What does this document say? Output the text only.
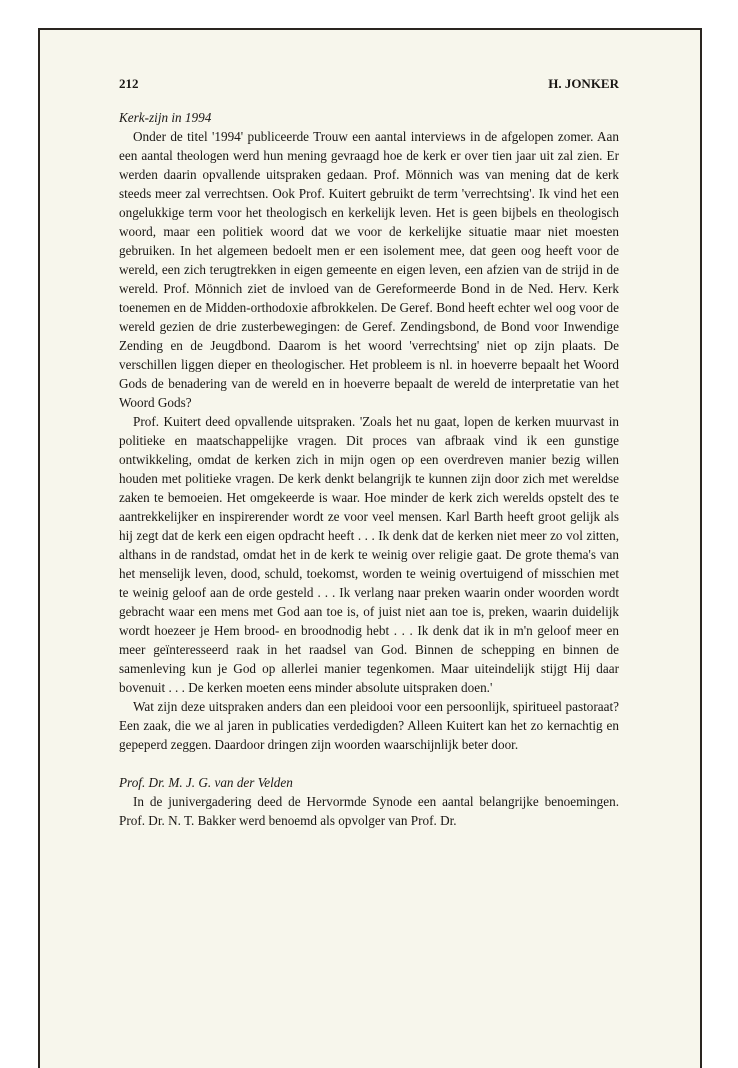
212	H. JONKER

Kerk-zijn in 1994

Onder de titel '1994' publiceerde Trouw een aantal interviews in de afgelopen zomer. Aan een aantal theologen werd hun mening gevraagd hoe de kerk er over tien jaar uit zal zien. Er werden daarin opvallende uitspraken gedaan. Prof. Mönnich was van mening dat de kerk steeds meer zal verrechtsen. Ook Prof. Kuitert gebruikt de term 'verrechtsing'. Ik vind het een ongelukkige term voor het theologisch en kerkelijk leven. Het is geen bijbels en theologisch woord, maar een politiek woord dat we voor de kerkelijke situatie maar niet moesten gebruiken. In het algemeen bedoelt men er een isolement mee, dat geen oog heeft voor de wereld, een zich terugtrekken in eigen gemeente en eigen leven, een afzien van de strijd in de wereld. Prof. Mönnich ziet de invloed van de Gereformeerde Bond in de Ned. Herv. Kerk toenemen en de Midden-orthodoxie afbrokkelen. De Geref. Bond heeft echter wel oog voor de wereld gezien de drie zusterbewegingen: de Geref. Zendingsbond, de Bond voor Inwendige Zending en de Jeugdbond. Daarom is het woord 'verrechtsing' niet op zijn plaats. De verschillen liggen dieper en theologischer. Het probleem is nl. in hoeverre bepaalt het Woord Gods de benadering van de wereld en in hoeverre bepaalt de wereld de interpretatie van het Woord Gods?

Prof. Kuitert deed opvallende uitspraken. 'Zoals het nu gaat, lopen de kerken muurvast in politieke en maatschappelijke vragen. Dit proces van afbraak vind ik een gunstige ontwikkeling, omdat de kerken zich in mijn ogen op een overdreven manier bezig willen houden met politieke vragen. De kerk denkt belangrijk te kunnen zijn door zich met wereldse zaken te bemoeien. Het omgekeerde is waar. Hoe minder de kerk zich werelds opstelt des te aantrekkelijker en inspirerender wordt ze voor veel mensen. Karl Barth heeft groot gelijk als hij zegt dat de kerk een eigen opdracht heeft . . . Ik denk dat de kerken niet meer zo vol zitten, althans in de randstad, omdat het in de kerk te weinig over religie gaat. De grote thema's van het menselijk leven, dood, schuld, toekomst, worden te weinig overtuigend of misschien met te weinig geloof aan de orde gesteld . . . Ik verlang naar preken waarin onder woorden wordt gebracht waar een mens met God aan toe is, of juist niet aan toe is, preken, waarin duidelijk wordt hoezeer je Hem brood- en broodnodig hebt . . . Ik denk dat ik in m'n geloof meer en meer geïnteresseerd raak in het raadsel van God. Binnen de schepping en binnen de samenleving kun je God op allerlei manier tegenkomen. Maar uiteindelijk stijgt Hij daar bovenuit . . . De kerken moeten eens minder absolute uitspraken doen.'

Wat zijn deze uitspraken anders dan een pleidooi voor een persoonlijk, spiritueel pastoraat? Een zaak, die we al jaren in publicaties verdedigden? Alleen Kuitert kan het zo kernachtig en gepeperd zeggen. Daardoor dringen zijn woorden waarschijnlijk beter door.

Prof. Dr. M. J. G. van der Velden

In de junivergadering deed de Hervormde Synode een aantal belangrijke benoemingen. Prof. Dr. N. T. Bakker werd benoemd als opvolger van Prof. Dr.
